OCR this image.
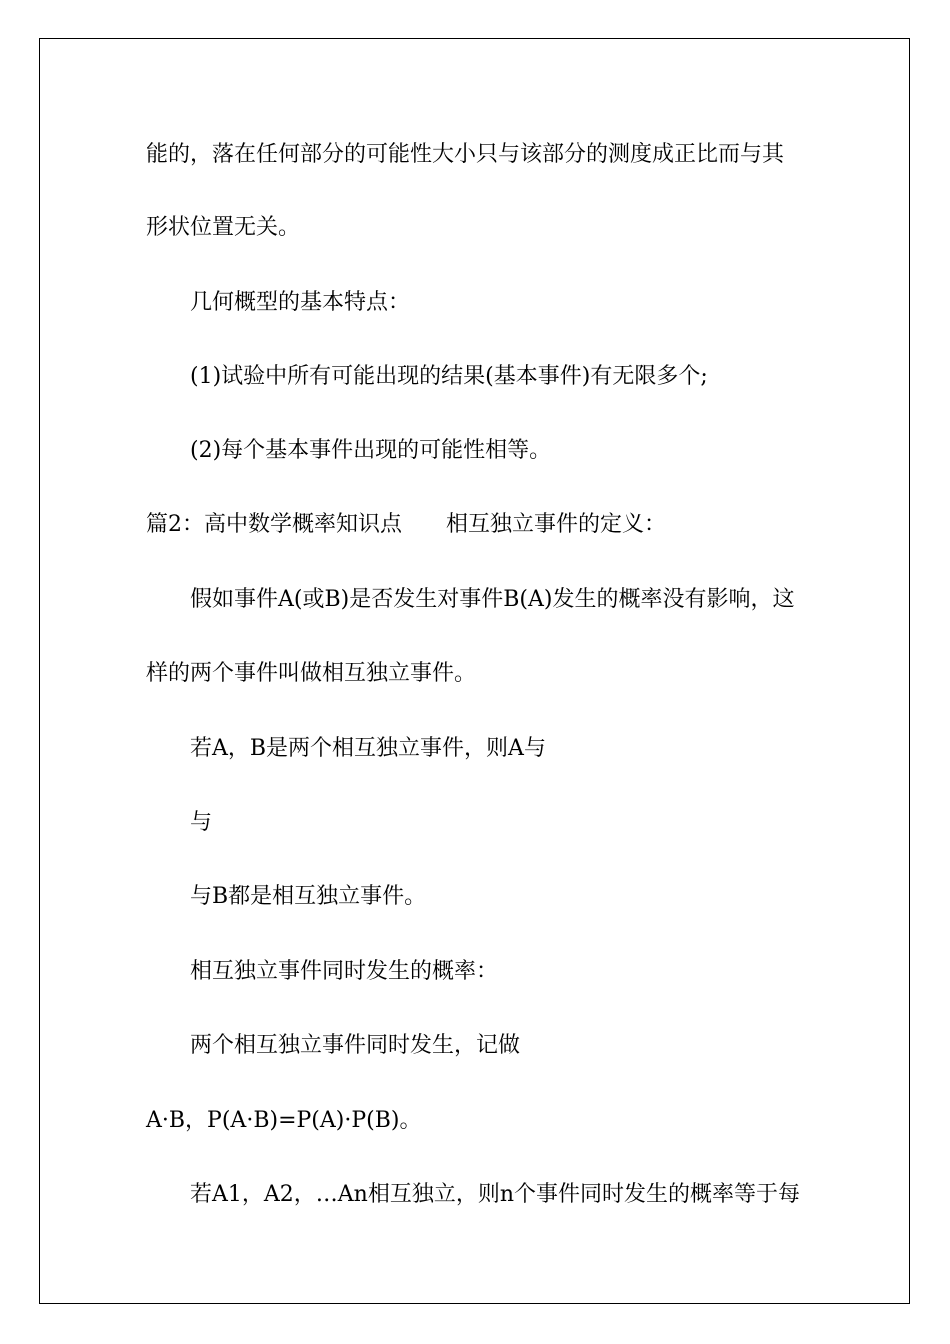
能的，落在任何部分的可能性大小只与该部分的测度成正比而与其

形状位置无关。

几何概型的基本特点：

(1)试验中所有可能出现的结果(基本事件)有无限多个;

(2)每个基本事件出现的可能性相等。

篇2：高中数学概率知识点 相互独立事件的定义：

假如事件A(或B)是否发生对事件B(A)发生的概率没有影响，这

样的两个事件叫做相互独立事件。

若A，B是两个相互独立事件，则A与

与

与B都是相互独立事件。

相互独立事件同时发生的概率：

两个相互独立事件同时发生，记做

A·B，P(A·B)=P(A)·P(B)。

若A1，A2，…An相互独立，则n个事件同时发生的概率等于每
